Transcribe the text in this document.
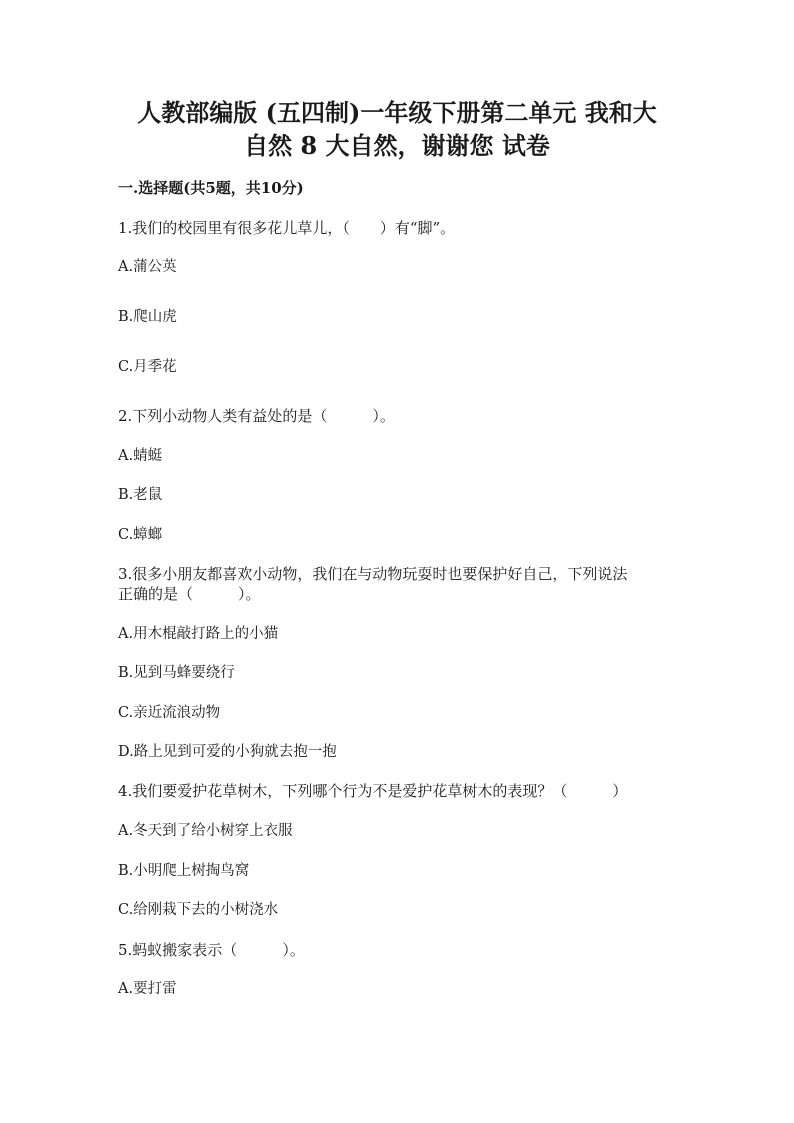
人教部编版 (五四制)一年级下册第二单元 我和大
自然 8 大自然，谢谢您 试卷
一.选择题(共5题，共10分)
1.我们的校园里有很多花儿草儿，（　　）有“脚”。
A.蒲公英
B.爬山虎
C.月季花
2.下列小动物人类有益处的是（　　　）。
A.蜻蜓
B.老鼠
C.蟑螂
3.很多小朋友都喜欢小动物，我们在与动物玩耍时也要保护好自己，下列说法
正确的是（　　　）。
A.用木棍敲打路上的小猫
B.见到马蜂要绕行
C.亲近流浪动物
D.路上见到可爱的小狗就去抱一抱
4.我们要爱护花草树木，下列哪个行为不是爱护花草树木的表现？（　　　）
A.冬天到了给小树穿上衣服
B.小明爬上树掏鸟窝
C.给刚栽下去的小树浇水
5.蚂蚁搬家表示（　　　）。
A.要打雷
